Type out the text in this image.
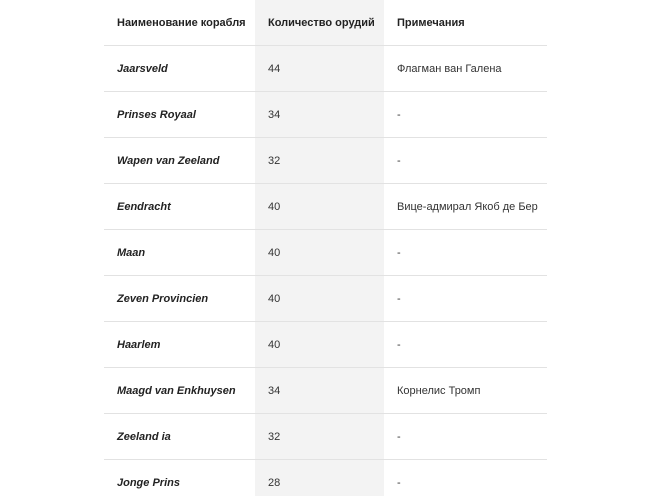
Наименование корабля	Количество орудий	Примечания
Jaarsveld	44	Флагман ван Галена
Prinses Royaal	34	-
Wapen van Zeeland	32	-
Eendracht	40	Вице-адмирал Якоб де Бер
Maan	40	-
Zeven Provincien	40	-
Haarlem	40	-
Maagd van Enkhuysen	34	Корнелис Тромп
Zeeland ia	32	-
Jonge Prins	28	-
